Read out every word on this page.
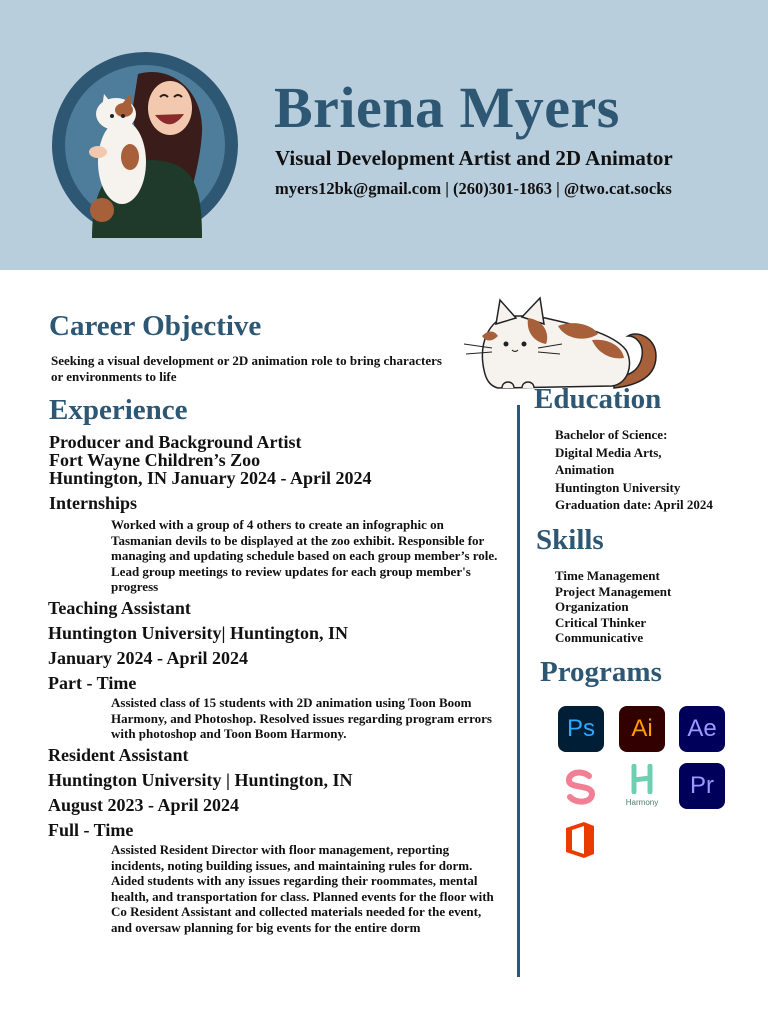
Briena Myers
Visual Development Artist and 2D Animator
myers12bk@gmail.com | (260)301-1863 | @two.cat.socks
Career Objective
Seeking a visual development or 2D animation role to bring characters or environments to life
Experience
Producer and Background Artist
Fort Wayne Children’s Zoo
Huntington, IN January 2024 - April 2024
Internships
Worked with a group of 4 others to create an infographic on Tasmanian devils to be displayed at the zoo exhibit. Responsible for managing and updating schedule based on each group member’s role. Lead group meetings to review updates for each group member's progress
Teaching Assistant
Huntington University| Huntington, IN
January 2024 - April 2024
Part - Time
Assisted class of 15 students with 2D animation using Toon Boom Harmony, and Photoshop. Resolved issues regarding program errors with photoshop and Toon Boom Harmony.
Resident Assistant
Huntington University | Huntington, IN
August 2023 - April 2024
Full - Time
Assisted Resident Director with floor management, reporting incidents, noting building issues, and maintaining rules for dorm. Aided students with any issues regarding their roommates, mental health, and transportation for class. Planned events for the floor with Co Resident Assistant and collected materials needed for the event, and oversaw planning for big events for the entire dorm
Education
Bachelor of Science:
Digital Media Arts,
Animation
Huntington University
Graduation date: April 2024
Skills
Time Management
Project Management
Organization
Critical Thinker
Communicative
Programs
Ps	Ai	Ae
Harmony
Pr
